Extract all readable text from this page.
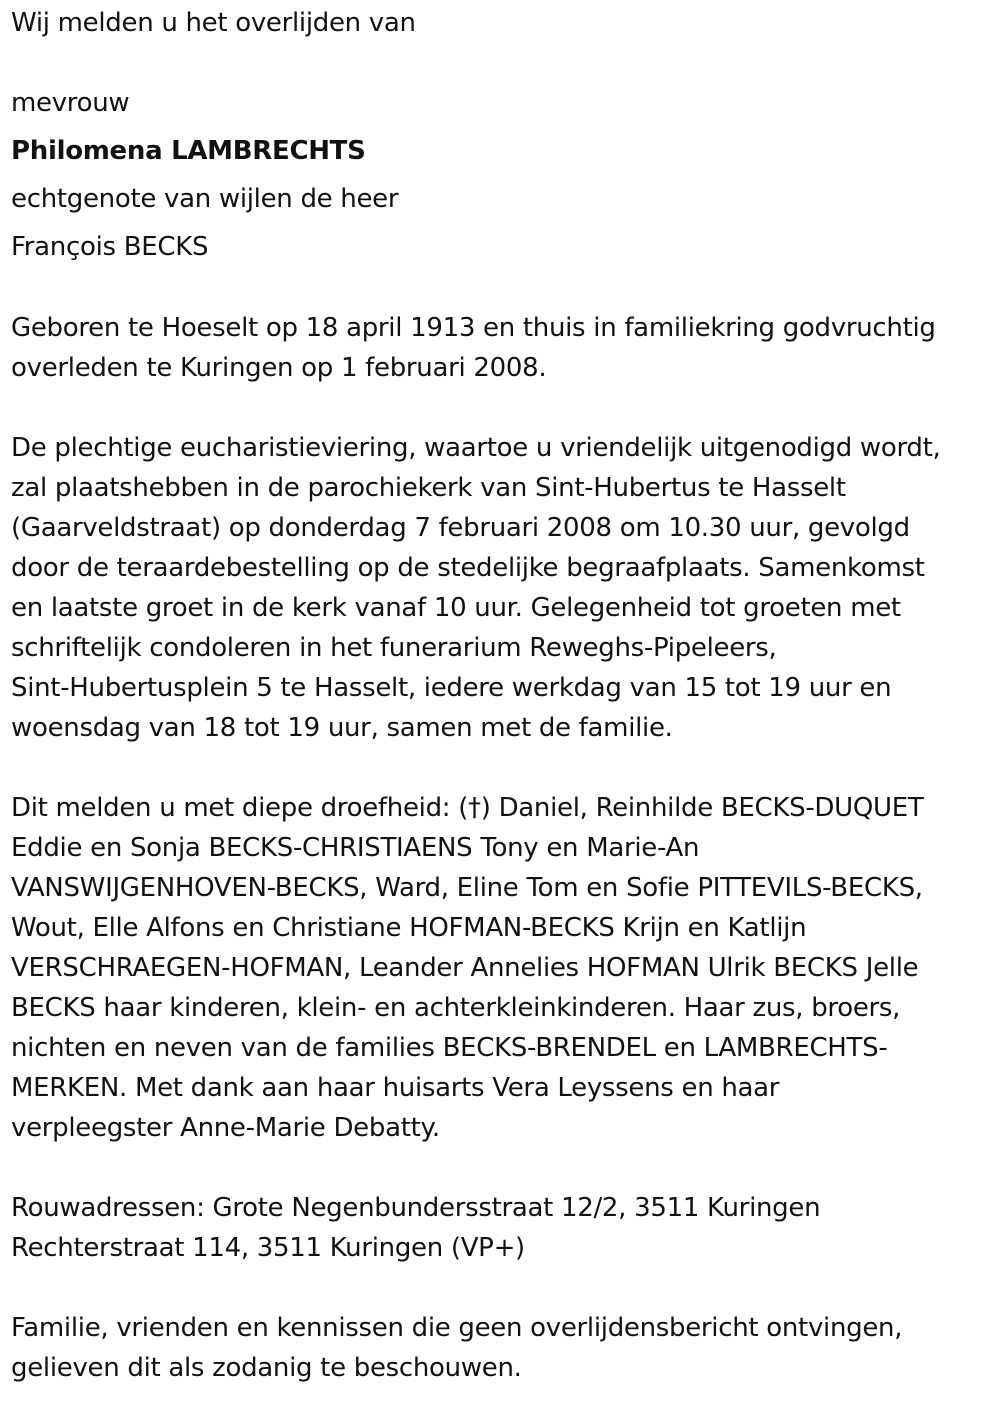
Wij melden u het overlijden van
mevrouw
Philomena LAMBRECHTS
echtgenote van wijlen de heer
François BECKS
Geboren te Hoeselt op 18 april 1913 en thuis in familiekring godvruchtig
overleden te Kuringen op 1 februari 2008.
De plechtige eucharistieviering, waartoe u vriendelijk uitgenodigd wordt,
zal plaatshebben in de parochiekerk van Sint-Hubertus te Hasselt
(Gaarveldstraat) op donderdag 7 februari 2008 om 10.30 uur, gevolgd
door de teraardebestelling op de stedelijke begraafplaats. Samenkomst
en laatste groet in de kerk vanaf 10 uur. Gelegenheid tot groeten met
schriftelijk condoleren in het funerarium Reweghs-Pipeleers,
Sint-Hubertusplein 5 te Hasselt, iedere werkdag van 15 tot 19 uur en
woensdag van 18 tot 19 uur, samen met de familie.
Dit melden u met diepe droefheid: (†) Daniel, Reinhilde BECKS-DUQUET
Eddie en Sonja BECKS-CHRISTIAENS Tony en Marie-An
VANSWIJGENHOVEN-BECKS, Ward, Eline Tom en Sofie PITTEVILS-BECKS,
Wout, Elle Alfons en Christiane HOFMAN-BECKS Krijn en Katlijn
VERSCHRAEGEN-HOFMAN, Leander Annelies HOFMAN Ulrik BECKS Jelle
BECKS haar kinderen, klein- en achterkleinkinderen. Haar zus, broers,
nichten en neven van de families BECKS-BRENDEL en LAMBRECHTS-
MERKEN. Met dank aan haar huisarts Vera Leyssens en haar
verpleegster Anne-Marie Debatty.
Rouwadressen: Grote Negenbundersstraat 12/2, 3511 Kuringen
Rechterstraat 114, 3511 Kuringen (VP+)
Familie, vrienden en kennissen die geen overlijdensbericht ontvingen,
gelieven dit als zodanig te beschouwen.
